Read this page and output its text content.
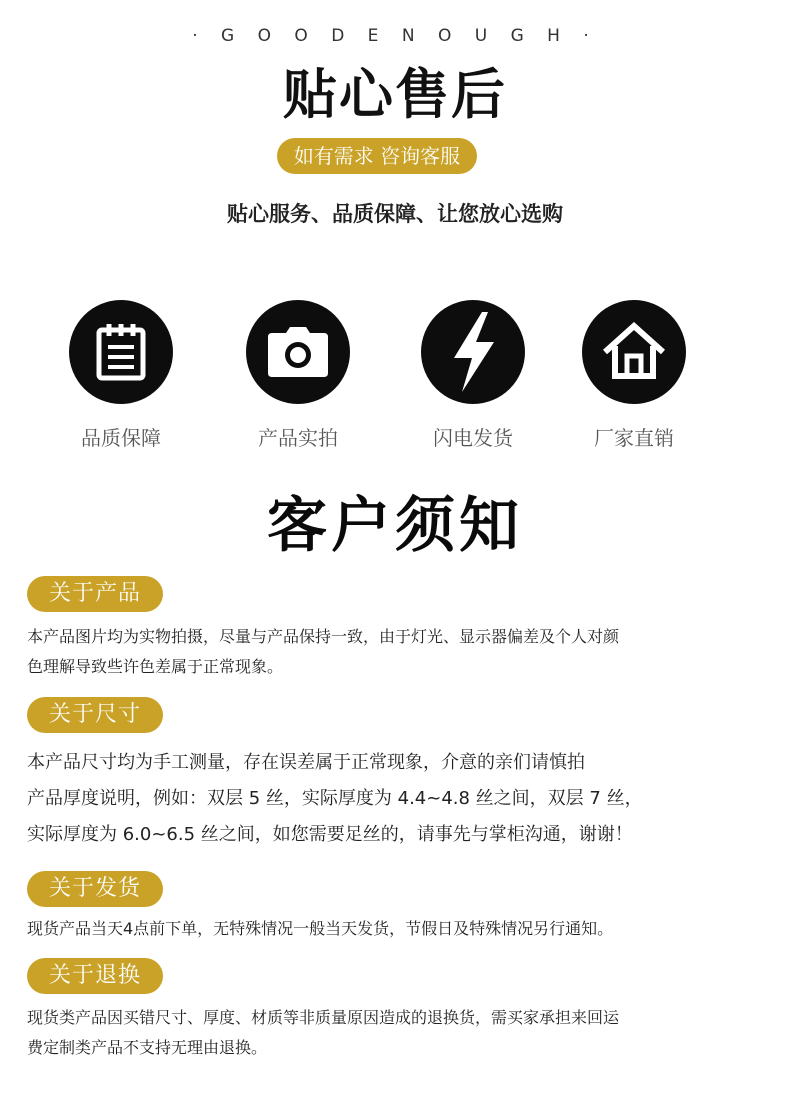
· G O O D E N O U G H ·
贴心售后
如有需求 咨询客服
贴心服务、品质保障、让您放心选购
品质保障	产品实拍	闪电发货	厂家直销
客户须知
关于产品
本产品图片均为实物拍摄，尽量与产品保持一致，由于灯光、显示器偏差及个人对颜
色理解导致些许色差属于正常现象。
关于尺寸
本产品尺寸均为手工测量，存在误差属于正常现象，介意的亲们请慎拍
产品厚度说明，例如：双层 5 丝，实际厚度为 4.4~4.8 丝之间，双层 7 丝，
实际厚度为 6.0~6.5 丝之间，如您需要足丝的，请事先与掌柜沟通，谢谢！
关于发货
现货产品当天4点前下单，无特殊情况一般当天发货，节假日及特殊情况另行通知。
关于退换
现货类产品因买错尺寸、厚度、材质等非质量原因造成的退换货，需买家承担来回运
费定制类产品不支持无理由退换。
